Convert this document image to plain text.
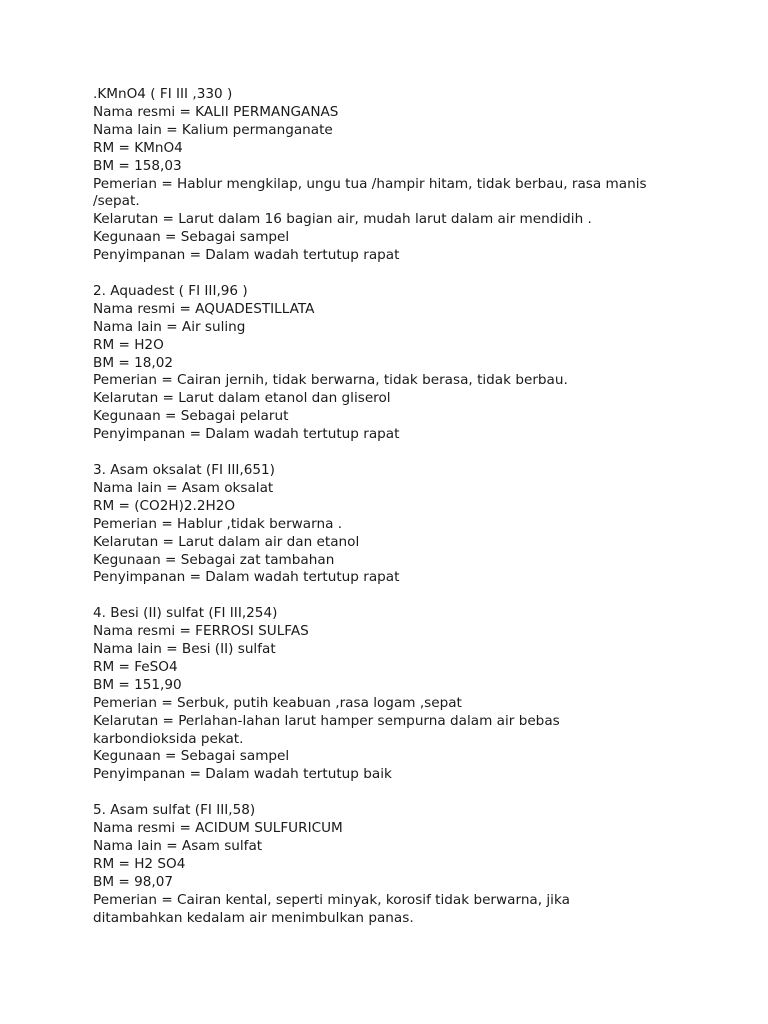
.KMnO4 ( FI III ,330 )
Nama resmi = KALII PERMANGANAS
Nama lain = Kalium permanganate
RM = KMnO4
BM = 158,03
Pemerian = Hablur mengkilap, ungu tua /hampir hitam, tidak berbau, rasa manis
/sepat.
Kelarutan = Larut dalam 16 bagian air, mudah larut dalam air mendidih .
Kegunaan = Sebagai sampel
Penyimpanan = Dalam wadah tertutup rapat
2. Aquadest ( FI III,96 )
Nama resmi = AQUADESTILLATA
Nama lain = Air suling
RM = H2O
BM = 18,02
Pemerian = Cairan jernih, tidak berwarna, tidak berasa, tidak berbau.
Kelarutan = Larut dalam etanol dan gliserol
Kegunaan = Sebagai pelarut
Penyimpanan = Dalam wadah tertutup rapat
3. Asam oksalat (FI III,651)
Nama lain = Asam oksalat
RM = (CO2H)2.2H2O
Pemerian = Hablur ,tidak berwarna .
Kelarutan = Larut dalam air dan etanol
Kegunaan = Sebagai zat tambahan
Penyimpanan = Dalam wadah tertutup rapat
4. Besi (II) sulfat (FI III,254)
Nama resmi = FERROSI SULFAS
Nama lain = Besi (II) sulfat
RM = FeSO4
BM = 151,90
Pemerian = Serbuk, putih keabuan ,rasa logam ,sepat
Kelarutan = Perlahan-lahan larut hamper sempurna dalam air bebas
karbondioksida pekat.
Kegunaan = Sebagai sampel
Penyimpanan = Dalam wadah tertutup baik
5. Asam sulfat (FI III,58)
Nama resmi = ACIDUM SULFURICUM
Nama lain = Asam sulfat
RM = H2 SO4
BM = 98,07
Pemerian = Cairan kental, seperti minyak, korosif tidak berwarna, jika
ditambahkan kedalam air menimbulkan panas.
